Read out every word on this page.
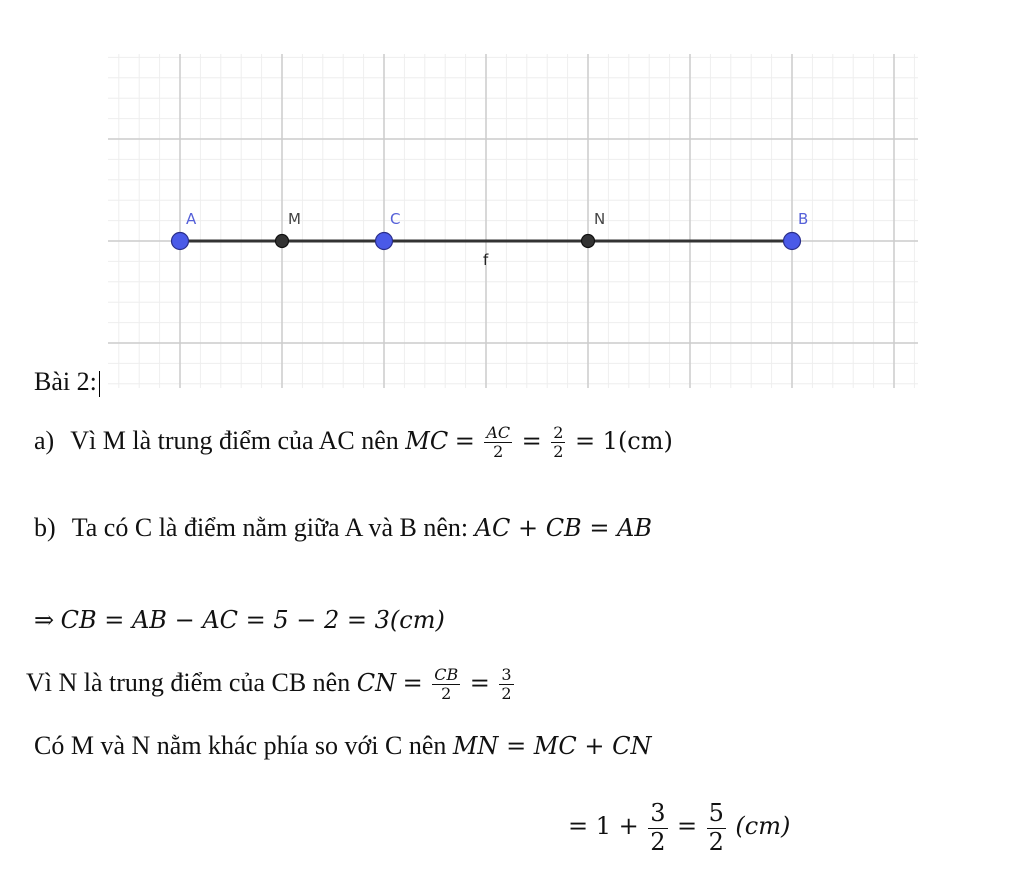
f
A	M	C	N	B
Bài 2:
a) Vì M là trung điểm của AC nên MC = $\frac{AC}{2} = \frac{2}{2} = 1(cm)$
b) Ta có C là điểm nằm giữa A và B nên: AC + CB = AB
⇒ CB = AB − AC = 5 − 2 = 3(cm)
Vì N là trung điểm của CB nên CN = $\frac{CB}{2} = \frac{3}{2}$
Có M và N nằm khác phía so với C nên MN = MC + CN
= $1 + \frac{3}{2} = \frac{5}{2} (cm)$
